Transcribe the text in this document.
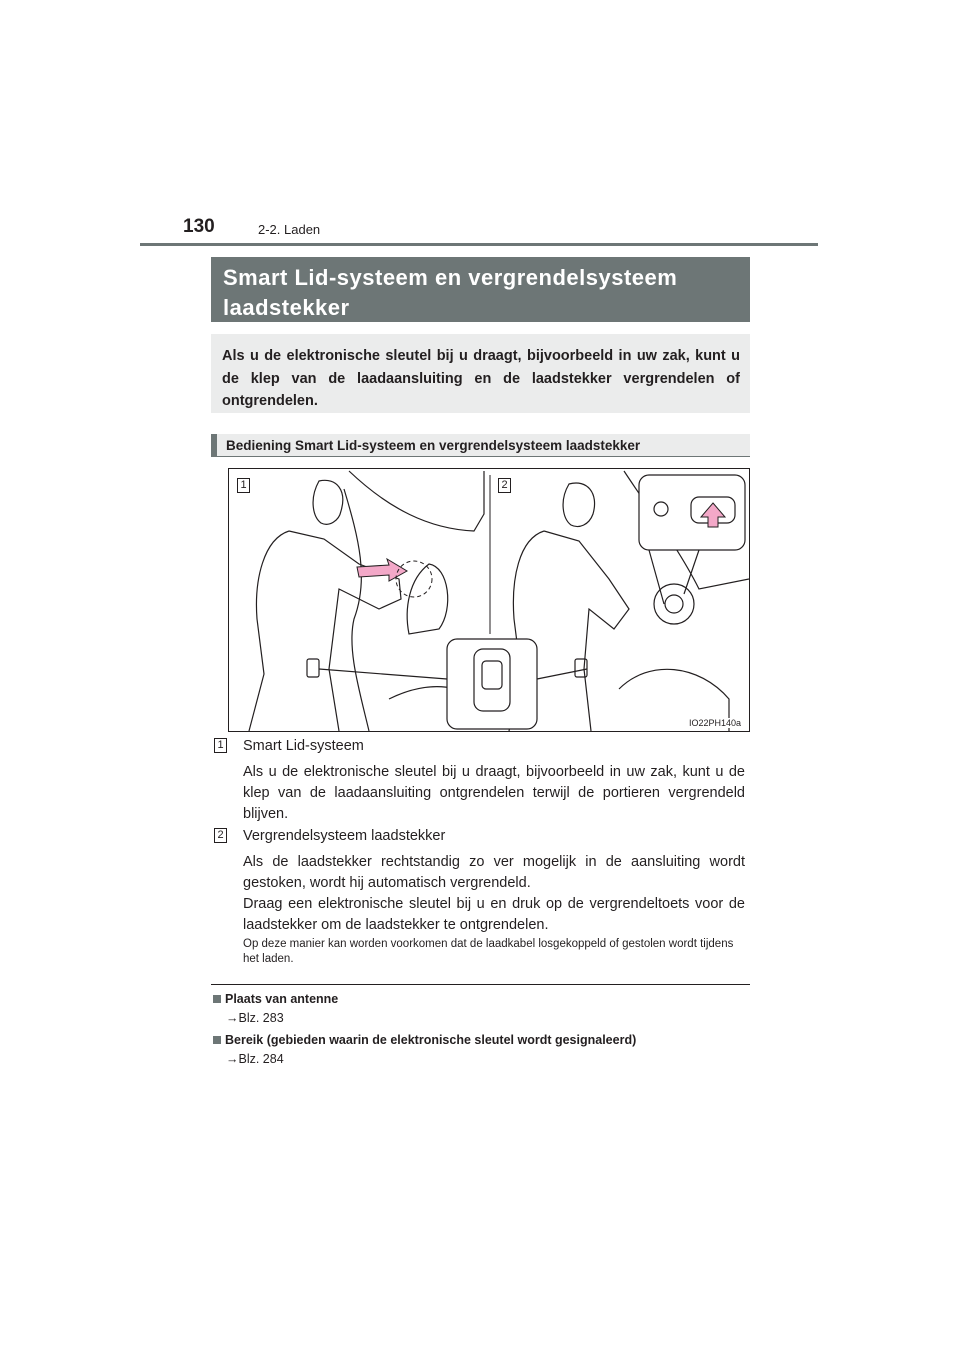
130	2-2. Laden
Smart Lid-systeem en vergrendelsysteem
laadstekker
Als u de elektronische sleutel bij u draagt, bijvoorbeeld in uw zak, kunt u de klep van de laadaansluiting en de laadstekker vergrendelen of ontgrendelen.
Bediening Smart Lid-systeem en vergrendelsysteem laadstekker
1	2
IO22PH140a
1 Smart Lid-systeem
Als u de elektronische sleutel bij u draagt, bijvoorbeeld in uw zak, kunt u de klep van de laadaansluiting ontgrendelen terwijl de portieren vergrendeld blijven.
2 Vergrendelsysteem laadstekker
Als de laadstekker rechtstandig zo ver mogelijk in de aansluiting wordt gestoken, wordt hij automatisch vergrendeld.
Draag een elektronische sleutel bij u en druk op de vergrendeltoets voor de laadstekker om de laadstekker te ontgrendelen.
Op deze manier kan worden voorkomen dat de laadkabel losgekoppeld of gestolen wordt tijdens het laden.
Plaats van antenne
→Blz. 283
Bereik (gebieden waarin de elektronische sleutel wordt gesignaleerd)
→Blz. 284
